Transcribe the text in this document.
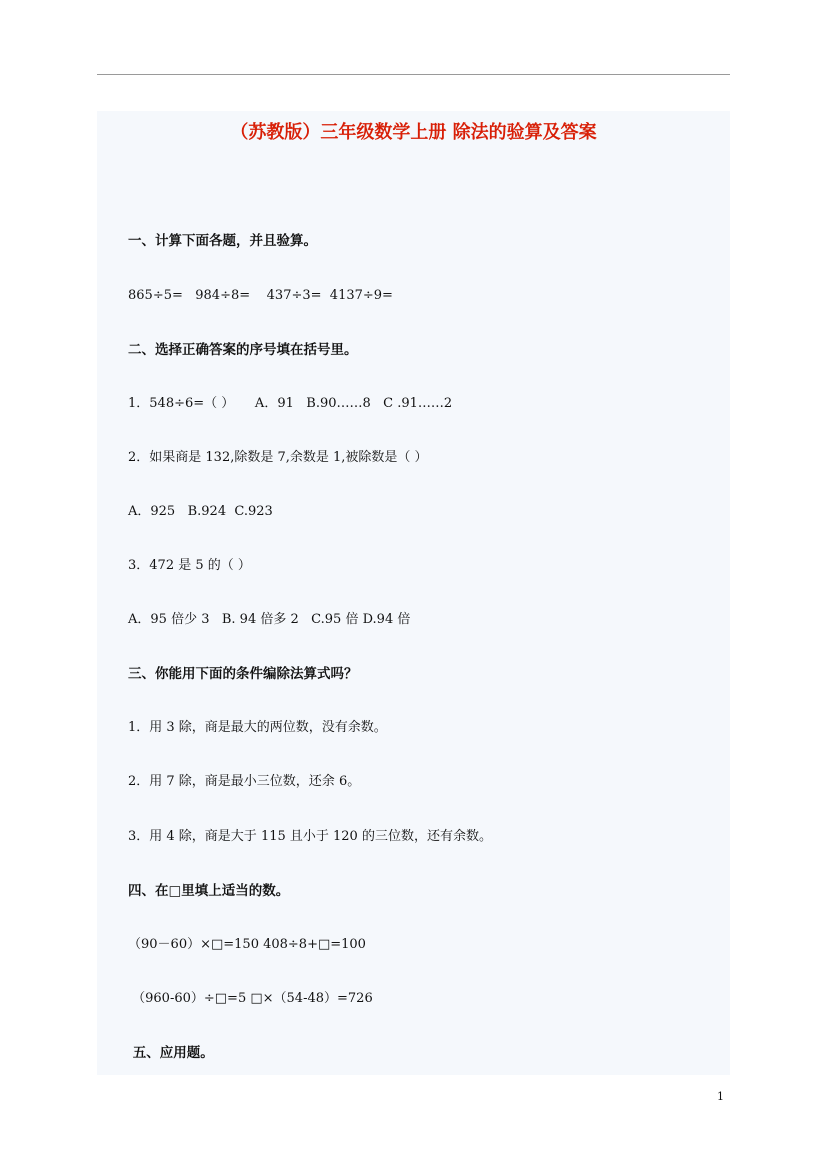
（苏教版）三年级数学上册 除法的验算及答案

一、计算下面各题，并且验算。

865÷5=   984÷8=    437÷3=  4137÷9=

二、选择正确答案的序号填在括号里。

1．548÷6=（ ）     A．91   B.90……8   C .91……2

2．如果商是 132,除数是 7,余数是 1,被除数是（ ）

A．925   B.924  C.923

3．472 是 5 的（ ）

A．95 倍少 3   B. 94 倍多 2   C.95 倍 D.94 倍

三、你能用下面的条件编除法算式吗？

1．用 3 除，商是最大的两位数，没有余数。

2．用 7 除，商是最小三位数，还余 6。

3．用 4 除，商是大于 115 且小于 120 的三位数，还有余数。

四、在□里填上适当的数。

（90－60）×□=150 408÷8+□=100

（960-60）÷□=5 □×（54-48）=726

五、应用题。

1
